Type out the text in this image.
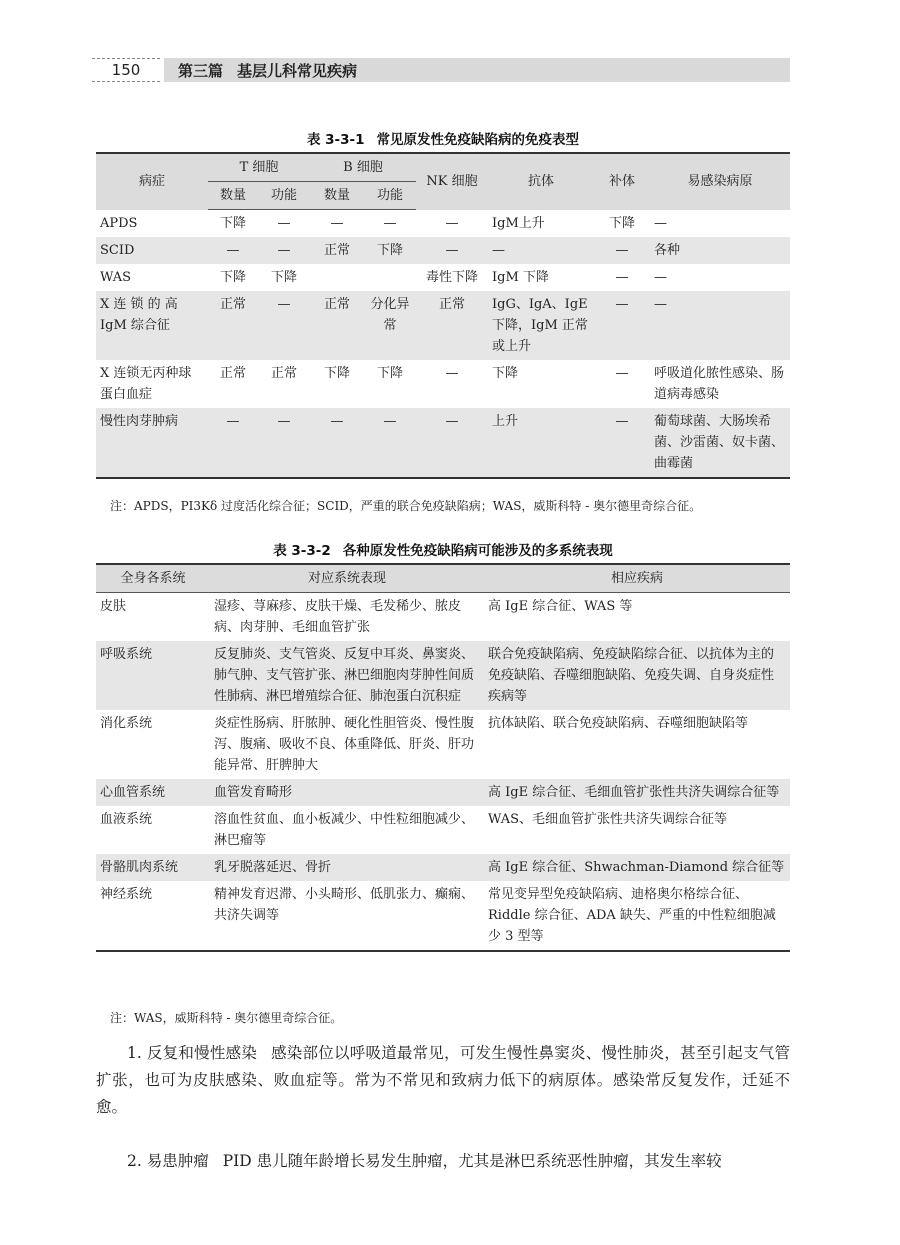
150	第三篇 基层儿科常见疾病
表 3-3-1 常见原发性免疫缺陷病的免疫表型
病症	T 细胞		B 细胞		NK 细胞	抗体	补体	易感染病原
	数量	功能	数量	功能				
APDS	下降	—	—	—	—	IgM上升	下降	—
SCID	—	—	正常	下降	—	—	—	各种
WAS	下降	下降			毒性下降	IgM 下降	—	—
X 连 锁 的 高 IgM 综合征	正常	—	正常	分化异常	正常	IgG、IgA、IgE 下降，IgM 正常或上升	—	—
X 连锁无丙种球蛋白血症	正常	正常	下降	下降	—	下降	—	呼吸道化脓性感染、肠道病毒感染
慢性肉芽肿病	—	—	—	—	—	上升	—	葡萄球菌、大肠埃希菌、沙雷菌、奴卡菌、曲霉菌
注：APDS，PI3Kδ 过度活化综合征；SCID，严重的联合免疫缺陷病；WAS，威斯科特 - 奥尔德里奇综合征。
表 3-3-2 各种原发性免疫缺陷病可能涉及的多系统表现
全身各系统	对应系统表现	相应疾病
皮肤	湿疹、荨麻疹、皮肤干燥、毛发稀少、脓皮病、肉芽肿、毛细血管扩张	高 IgE 综合征、WAS 等
呼吸系统	反复肺炎、支气管炎、反复中耳炎、鼻窦炎、肺气肿、支气管扩张、淋巴细胞肉芽肿性间质性肺病、淋巴增殖综合征、肺泡蛋白沉积症	联合免疫缺陷病、免疫缺陷综合征、以抗体为主的免疫缺陷、吞噬细胞缺陷、免疫失调、自身炎症性疾病等
消化系统	炎症性肠病、肝脓肿、硬化性胆管炎、慢性腹泻、腹痛、吸收不良、体重降低、肝炎、肝功能异常、肝脾肿大	抗体缺陷、联合免疫缺陷病、吞噬细胞缺陷等
心血管系统	血管发育畸形	高 IgE 综合征、毛细血管扩张性共济失调综合征等
血液系统	溶血性贫血、血小板减少、中性粒细胞减少、淋巴瘤等	WAS、毛细血管扩张性共济失调综合征等
骨骼肌肉系统	乳牙脱落延迟、骨折	高 IgE 综合征、Shwachman-Diamond 综合征等
神经系统	精神发育迟滞、小头畸形、低肌张力、癫痫、共济失调等	常见变异型免疫缺陷病、迪格奥尔格综合征、Riddle 综合征、ADA 缺失、严重的中性粒细胞减少 3 型等
注：WAS，威斯科特 - 奥尔德里奇综合征。
1. 反复和慢性感染 感染部位以呼吸道最常见，可发生慢性鼻窦炎、慢性肺炎，甚至引起支气管扩张，也可为皮肤感染、败血症等。常为不常见和致病力低下的病原体。感染常反复发作，迁延不愈。
2. 易患肿瘤 PID 患儿随年龄增长易发生肿瘤，尤其是淋巴系统恶性肿瘤，其发生率较
